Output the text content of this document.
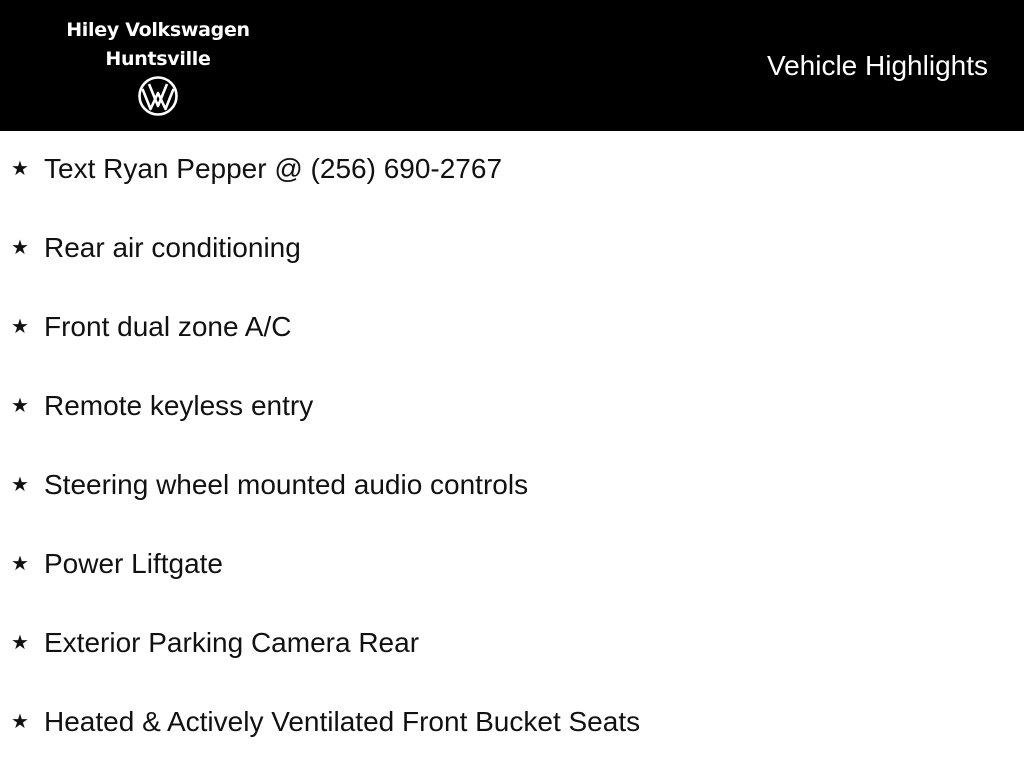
Hiley Volkswagen
Huntsville	Vehicle Highlights
★ Text Ryan Pepper @ (256) 690-2767
★ Rear air conditioning
★ Front dual zone A/C
★ Remote keyless entry
★ Steering wheel mounted audio controls
★ Power Liftgate
★ Exterior Parking Camera Rear
★ Heated & Actively Ventilated Front Bucket Seats
